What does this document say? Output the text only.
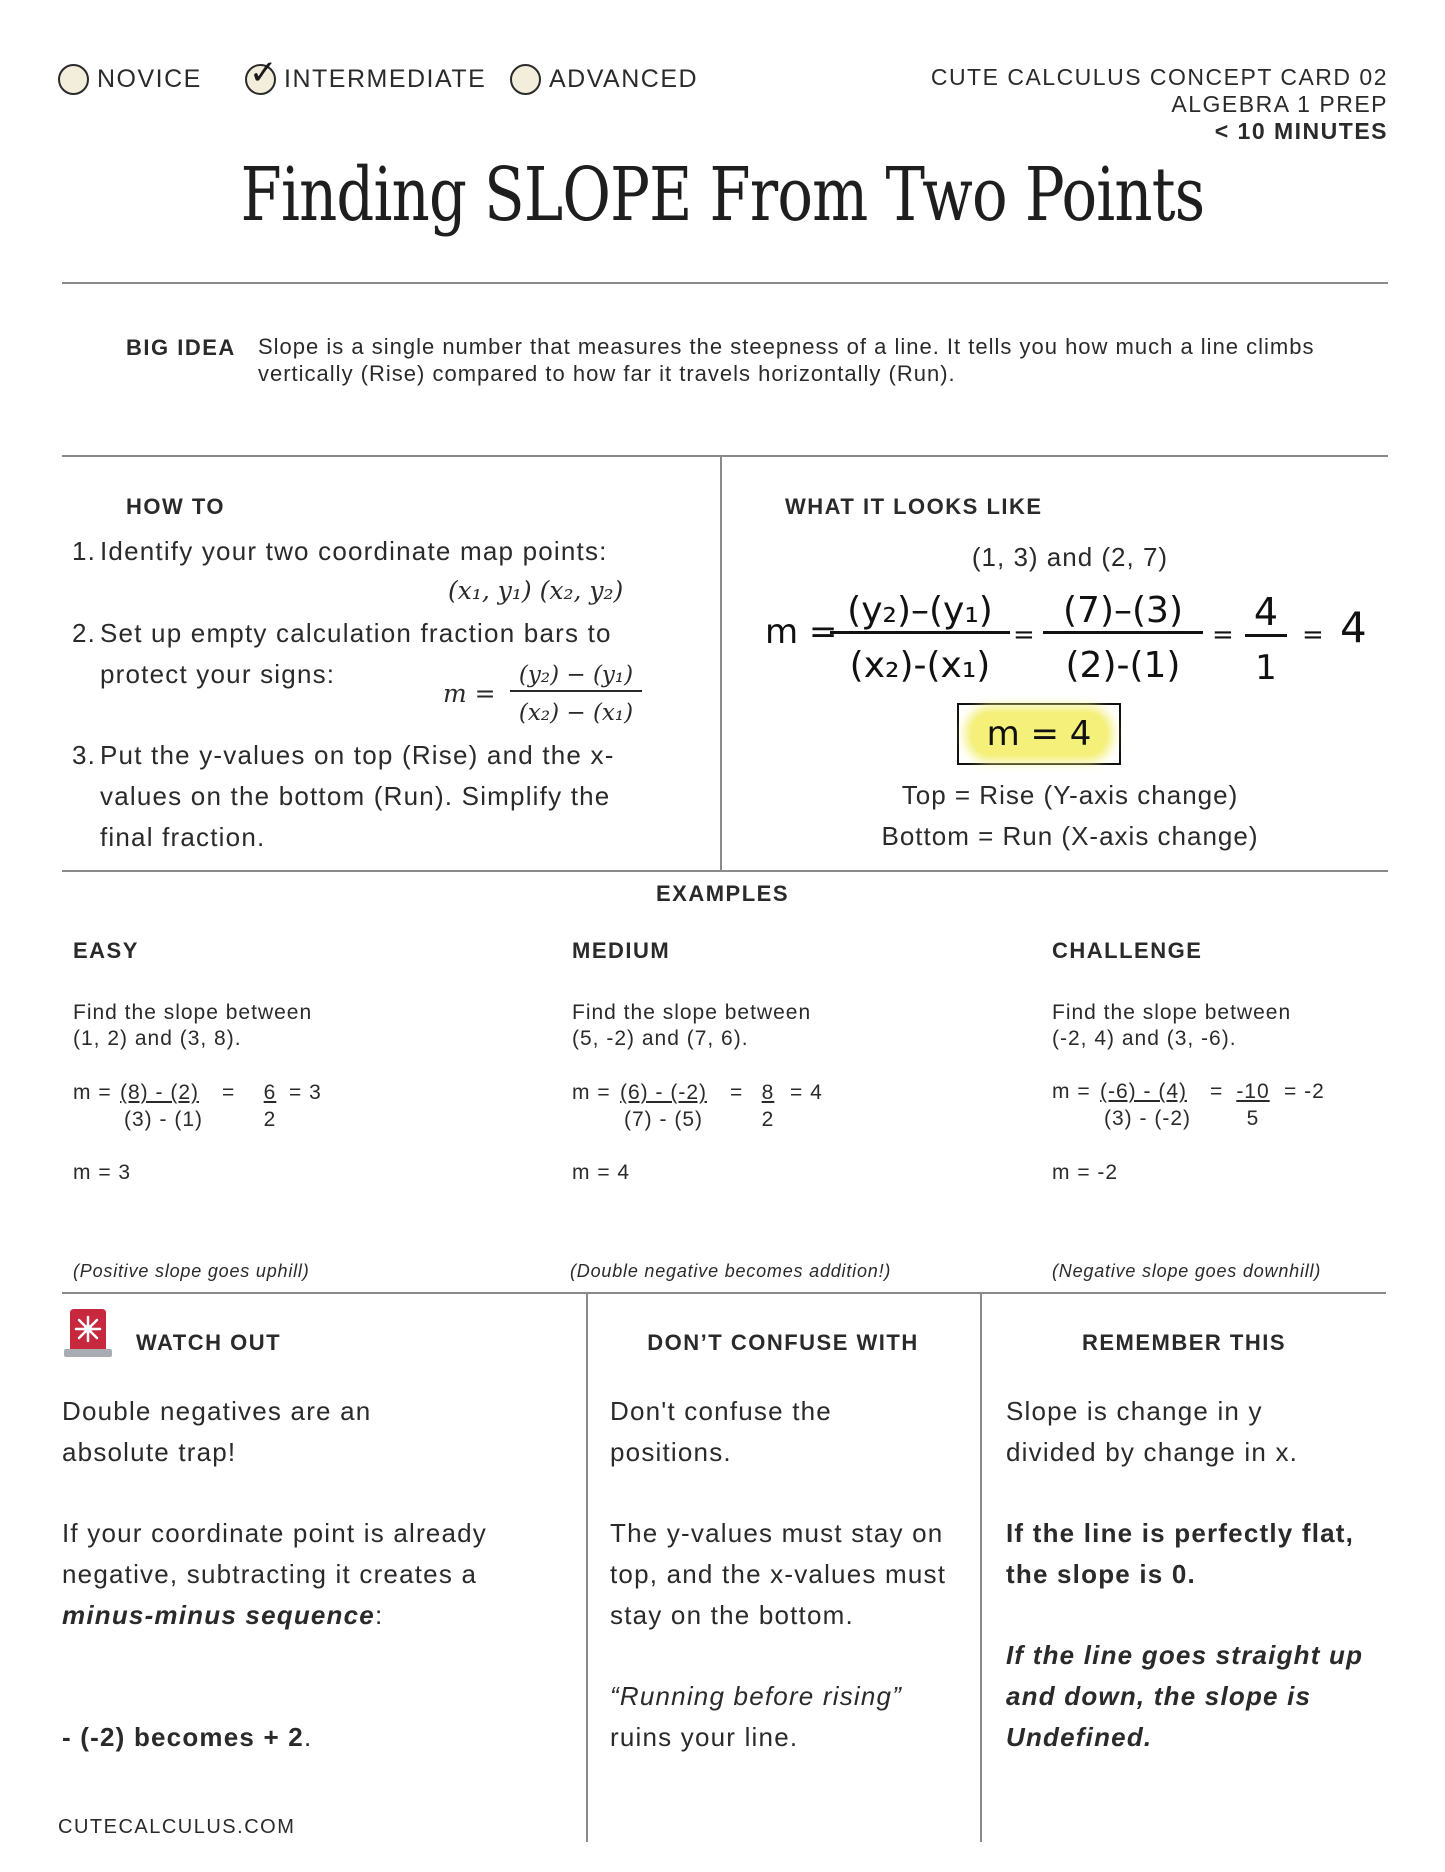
NOVICE ✓ INTERMEDIATE	ADVANCED	CUTE CALCULUS CONCEPT CARD 02
ALGEBRA 1 PREP
< 10 MINUTES
Finding SLOPE From Two Points
BIG IDEA Slope is a single number that measures the steepness of a line. It tells you how much a line climbs vertically (Rise) compared to how far it travels horizontally (Run).
HOW TO
1. Identify your two coordinate map points:
(x₁, y₁) (x₂, y₂)
2. Set up empty calculation fraction bars to protect your signs:
m =
(y₂) − (y₁)
(x₂) − (x₁)
3. Put the y-values on top (Rise) and the x-values on the bottom (Run). Simplify the final fraction.
WHAT IT LOOKS LIKE
(1, 3) and (2, 7)
m =
(y₂)–(y₁)
(x₂)-(x₁)
=
(7)–(3)
(2)-(1)
=
4
1
= 4
m = 4
Top = Rise (Y-axis change)
Bottom = Run (X-axis change)
EXAMPLES
EASY
Find the slope between
(1, 2) and (3, 8).
m = (8) - (2) =	6 = 3
(3) - (1)	2
m = 3
(Positive slope goes uphill)
MEDIUM
Find the slope between
(5, -2) and (7, 6).
m = (6) - (-2) = 8 = 4
(7) - (5)	2
m = 4
(Double negative becomes addition!)
CHALLENGE
Find the slope between
(-2, 4) and (3, -6).
m = (-6) - (4) = -10 = -2
(3) - (-2)	5
m = -2
(Negative slope goes downhill)
WATCH OUT
Double negatives are an absolute trap!
If your coordinate point is already negative, subtracting it creates a minus-minus sequence:
- (-2) becomes + 2.
DON’T CONFUSE WITH
Don't confuse the positions.
The y-values must stay on top, and the x-values must stay on the bottom.
“Running before rising” ruins your line.
REMEMBER THIS
Slope is change in y divided by change in x.
If the line is perfectly flat, the slope is 0.
If the line goes straight up and down, the slope is Undefined.
CUTECALCULUS.COM
